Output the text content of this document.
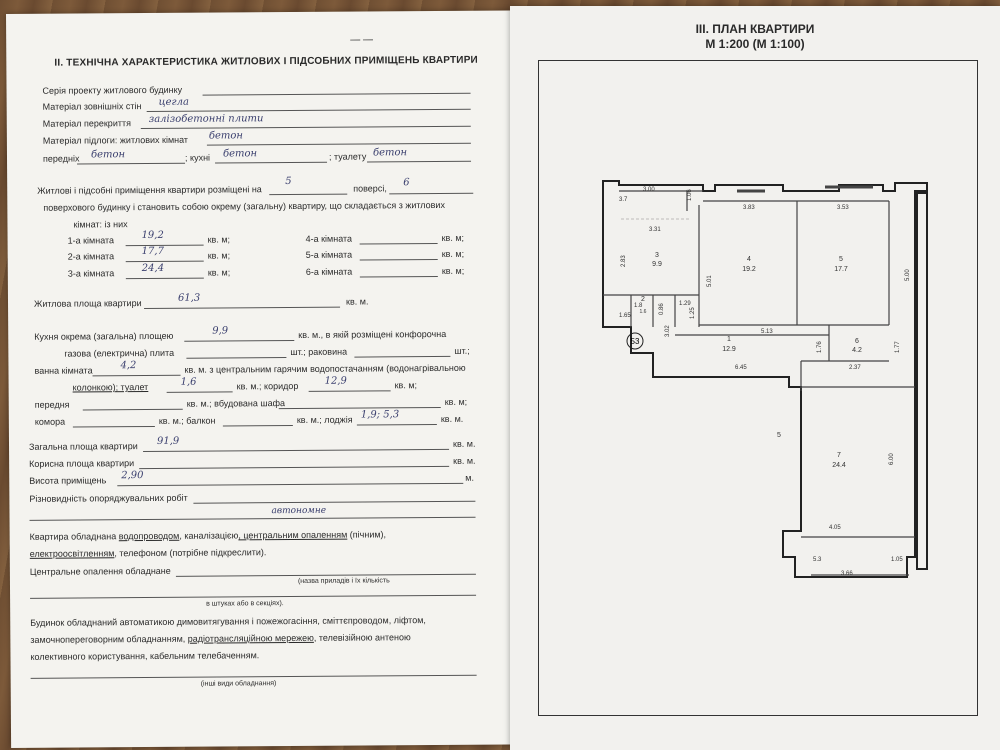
— —
II. ТЕХНІЧНА ХАРАКТЕРИСТИКА ЖИТЛОВИХ І ПІДСОБНИХ ПРИМІЩЕНЬ КВАРТИРИ
Серія проекту житлового будинку
Матеріал зовнішніх стін цегла
Матеріал перекриття залізобетонні плити
Матеріал підлоги: житлових кімнат бетон
передніх бетон	; кухні бетон	; туалету бетон
Житлові і підсобні приміщення квартири розміщені на
5
поверсі,
6
поверхового будинку і становить собою окрему (загальну) квартиру, що складається з житлових
кімнат: із них
1-а кімната	19,2	кв. м;
2-а кімната	17,7	кв. м;
3-а кімната	24,4	кв. м;
4-а кімната	кв. м;
5-а кімната	кв. м;
6-а кімната	кв. м;
Житлова площа квартири	61,3	кв. м.
Кухня окрема (загальна) площею	9,9	кв. м., в якій розміщені конфорочна
газова (електрична) плита	шт.; раковина	шт.;
ванна кімната	4,2	кв. м. з центральним гарячим водопостачанням (водонагрівальною
колонкою); туалет	1,6	кв. м.; коридор	12,9	кв. м;
передня	кв. м.; вбудована шафа	кв. м;
комора	кв. м.; балкон	кв. м.; лоджія 1,9; 5,3	кв. м.
Загальна площа квартири 91,9	кв. м.
Корисна площа квартири	кв. м.
Висота приміщень 2,90	м.
Різновидність опоряджувальних робіт
автономне
Квартира обладнана водопроводом, каналізацією, центральним опаленням (пічним),
електроосвітленням, телефоном (потрібне підкреслити).
Центральне опалення обладнане
(назва приладів і їх кількість
в штуках або в секціях).
Будинок обладнаний автоматикою димовитягування і пожежогасіння, сміттєпроводом, ліфтом,
замочнопереговорним обладнанням, радіотрансляційною мережею, телевізійною антеною
колективного користування, кабельним телебаченням.
(інші види обладнання)
III. ПЛАН КВАРТИРИ
М 1:200 (М 1:100)
53
3.00	1.06
3.83	3.53
3.7
3.31
2.83
5.01
5.00
1.65
1.8	0.86 1.29
1.25
3.02	5.13
1.76	1.77
6.45	2.37
6.00
4.05
5.3
3.66
1.05
3
9.9
4
19.2
5
17.7
1
12.9
6
4.2
7
24.4
2
1.6
5
